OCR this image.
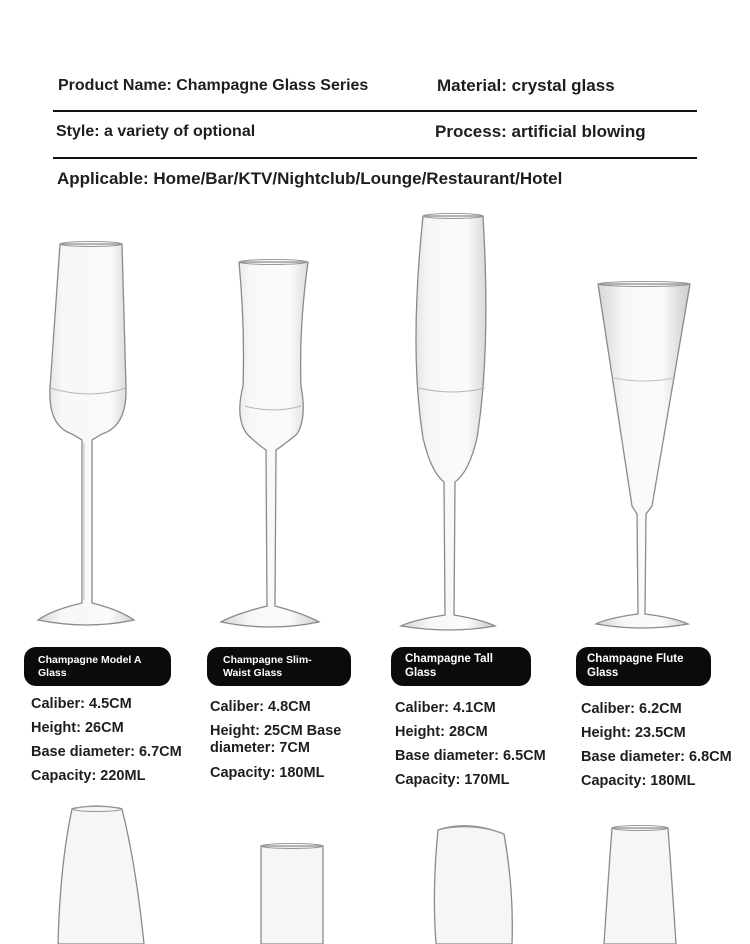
Product Name: Champagne Glass Series	Material: crystal glass
Style: a variety of optional	Process: artificial blowing
Applicable: Home/Bar/KTV/Nightclub/Lounge/Restaurant/Hotel
Champagne Model A Glass
Champagne Slim-Waist Glass
Champagne Tall Glass
Champagne Flute Glass
Caliber: 4.5CM
Height: 26CM
Base diameter: 6.7CM
Capacity: 220ML
Caliber: 4.8CM
Height: 25CM Base diameter: 7CM
Capacity: 180ML
Caliber: 4.1CM
Height: 28CM
Base diameter: 6.5CM
Capacity: 170ML
Caliber: 6.2CM
Height: 23.5CM
Base diameter: 6.8CM
Capacity: 180ML
